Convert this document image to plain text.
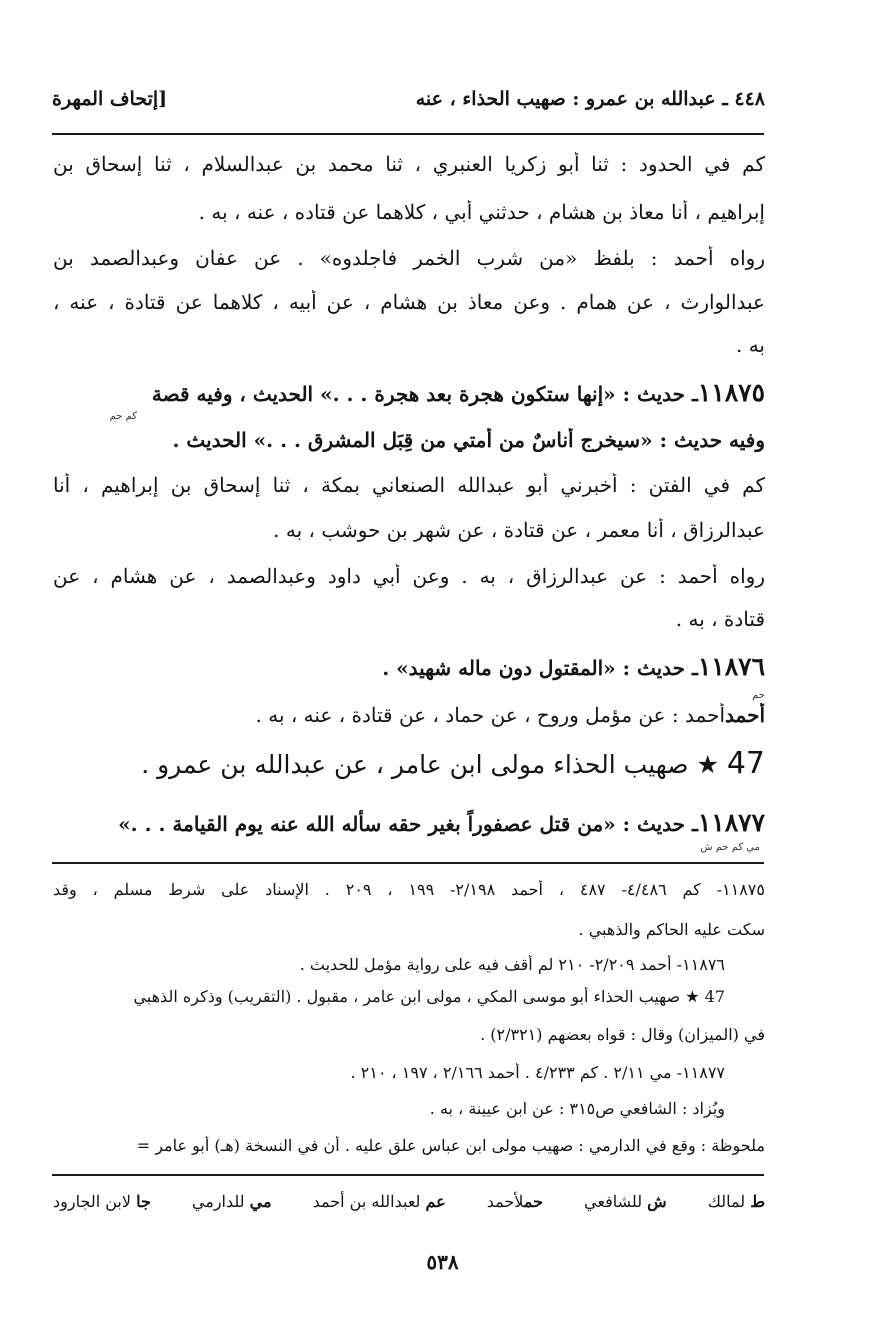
٤٤٨ ـ عبدالله بن عمرو : صهيب الحذاء ، عنه
[إتحاف المهرة
كم في الحدود : ثنا أبو زكريا العنبري ، ثنا محمد بن عبدالسلام ، ثنا إسحاق بن
إبراهيم ، أنا معاذ بن هشام ، حدثني أبي ، كلاهما عن قتاده ، عنه ، به .
رواه أحمد : بلفظ «من شرب الخمر فاجلدوه» . عن عفان وعبدالصمد بن
عبدالوارث ، عن همام . وعن معاذ بن هشام ، عن أبيه ، كلاهما عن قتادة ، عنه ،
به .
١١٨٧٥ـ حديث : «إنها ستكون هجرة بعد هجرة . . .» الحديث ، وفيه قصة
كم حم
وفيه حديث : «سيخرج أُناسٌ من أمتي من قِبَل المشرق . . .» الحديث .
كم في الفتن : أخبرني أبو عبدالله الصنعاني بمكة ، ثنا إسحاق بن إبراهيم ، أنا
عبدالرزاق ، أنا معمر ، عن قتادة ، عن شهر بن حوشب ، به .
رواه أحمد : عن عبدالرزاق ، به . وعن أبي داود وعبدالصمد ، عن هشام ، عن
قتادة ، به .
١١٨٧٦ـ حديث : «المقتول دون ماله شهيد» .
حم
أحمدأحمد : عن مؤمل وروح ، عن حماد ، عن قتادة ، عنه ، به .
47 ★ صهيب الحذاء مولى ابن عامر ، عن عبدالله بن عمرو .
١١٨٧٧ـ حديث : «من قتل عصفوراً بغير حقه سأله الله عنه يوم القيامة . . .»
مي كم حم ش
١١٨٧٥- كم ٤/٤٨٦- ٤٨٧ ، أحمد ٢/١٩٨- ١٩٩ ، ٢٠٩ . الإسناد على شرط مسلم ، وقد
سكت عليه الحاكم والذهبي .
١١٨٧٦- أحمد ٢/٢٠٩- ٢١٠ لم أقف فيه على رواية مؤمل للحديث .
47 ★ صهيب الحذاء أبو موسى المكي ، مولى ابن عامر ، مقبول . (التقريب) وذكره الذهبي
في (الميزان) وقال : قواه بعضهم (٢/٣٢١) .
١١٨٧٧- مي ٢/١١ . كم ٤/٢٣٣ . أحمد ٢/١٦٦ ، ١٩٧ ، ٢١٠ .
ويُزاد : الشافعي ص٣١٥ : عن ابن عيينة ، به .
ملحوظة : وقع في الدارمي : صهيب مولى ابن عباس علق عليه . أن في النسخة (هـ) أبو عامر =
ط لمالك
ش للشافعي
حملأحمد
عم لعبدالله بن أحمد
مي للدارمي
جا لابن الجارود
٥٣٨
